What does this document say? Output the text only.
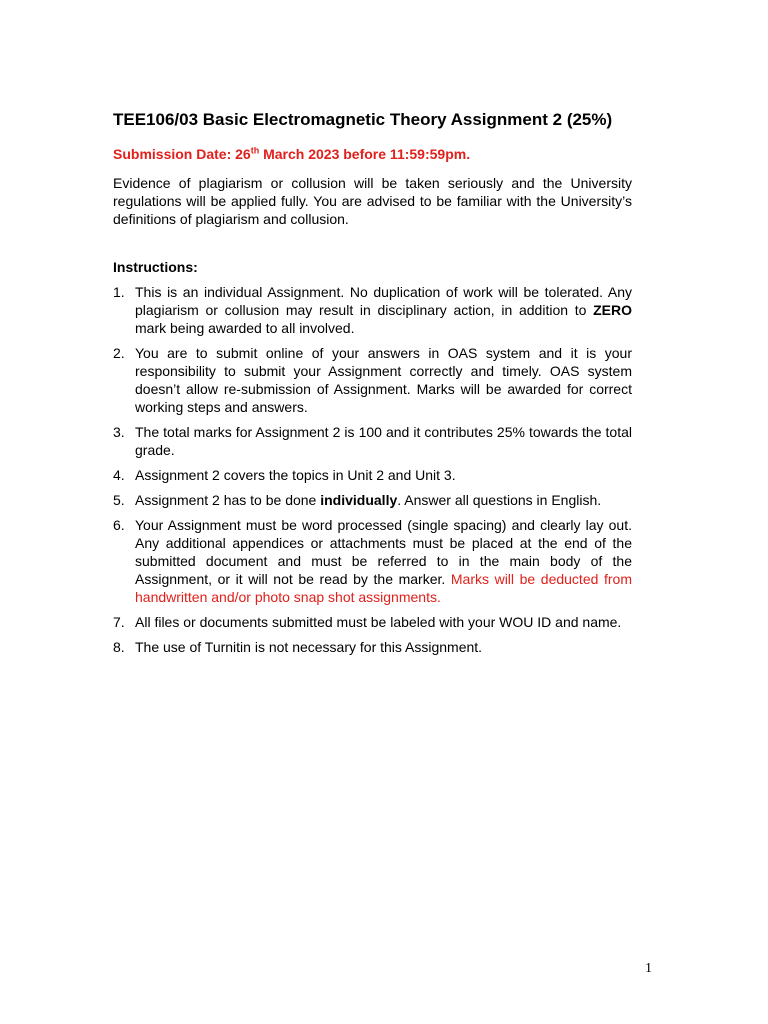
TEE106/03 Basic Electromagnetic Theory Assignment 2 (25%)
Submission Date: 26th March 2023 before 11:59:59pm.

Evidence of plagiarism or collusion will be taken seriously and the University regulations will be applied fully. You are advised to be familiar with the University’s definitions of plagiarism and collusion.

Instructions:
1. This is an individual Assignment. No duplication of work will be tolerated. Any plagiarism or collusion may result in disciplinary action, in addition to ZERO mark being awarded to all involved.
2. You are to submit online of your answers in OAS system and it is your responsibility to submit your Assignment correctly and timely. OAS system doesn’t allow re-submission of Assignment. Marks will be awarded for correct working steps and answers.
3. The total marks for Assignment 2 is 100 and it contributes 25% towards the total grade.
4. Assignment 2 covers the topics in Unit 2 and Unit 3.
5. Assignment 2 has to be done individually. Answer all questions in English.
6. Your Assignment must be word processed (single spacing) and clearly lay out. Any additional appendices or attachments must be placed at the end of the submitted document and must be referred to in the main body of the Assignment, or it will not be read by the marker. Marks will be deducted from handwritten and/or photo snap shot assignments.
7. All files or documents submitted must be labeled with your WOU ID and name.
8. The use of Turnitin is not necessary for this Assignment.
1
